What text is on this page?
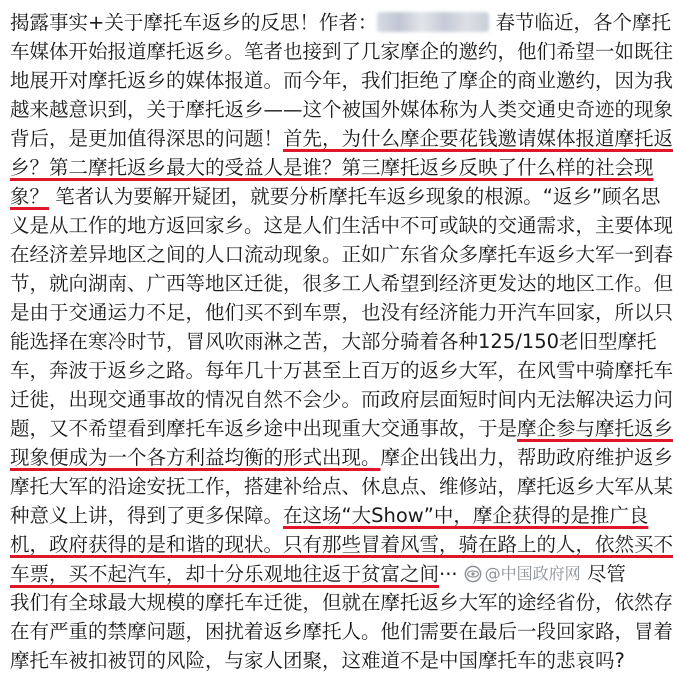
揭露事实+关于摩托车返乡的反思！作者：	春节临近，各个摩托
车媒体开始报道摩托返乡。笔者也接到了几家摩企的邀约，他们希望一如既往
地展开对摩托返乡的媒体报道。而今年，我们拒绝了摩企的商业邀约，因为我
越来越意识到，关于摩托返乡——这个被国外媒体称为人类交通史奇迹的现象
背后，是更加值得深思的问题！首先，为什么摩企要花钱邀请媒体报道摩托返
乡？第二摩托返乡最大的受益人是谁？第三摩托返乡反映了什么样的社会现
象？ 笔者认为要解开疑团，就要分析摩托车返乡现象的根源。“返乡”顾名思
义是从工作的地方返回家乡。这是人们生活中不可或缺的交通需求，主要体现
在经济差异地区之间的人口流动现象。正如广东省众多摩托车返乡大军一到春
节，就向湖南、广西等地区迁徙，很多工人希望到经济更发达的地区工作。但
是由于交通运力不足，他们买不到车票，也没有经济能力开汽车回家，所以只
能选择在寒冷时节，冒风吹雨淋之苦，大部分骑着各种125/150老旧型摩托
车，奔波于返乡之路。每年几十万甚至上百万的返乡大军，在风雪中骑摩托车
迁徙，出现交通事故的情况自然不会少。而政府层面短时间内无法解决运力问
题，又不希望看到摩托车返乡途中出现重大交通事故，于是摩企参与摩托返乡
现象便成为一个各方利益均衡的形式出现。摩企出钱出力，帮助政府维护返乡
摩托大军的沿途安抚工作，搭建补给点、休息点、维修站，摩托返乡大军从某
种意义上讲，得到了更多保障。在这场“大Show”中，摩企获得的是推广良
机，政府获得的是和谐的现状。只有那些冒着风雪，骑在路上的人，依然买不
车票，买不起汽车，却十分乐观地往返于贫富之间··· @中国政府网 尽管
我们有全球最大规模的摩托车迁徙，但就在摩托返乡大军的途经省份，依然存
在有严重的禁摩问题，困扰着返乡摩托人。他们需要在最后一段回家路，冒着
摩托车被扣被罚的风险，与家人团聚，这难道不是中国摩托车的悲哀吗?
